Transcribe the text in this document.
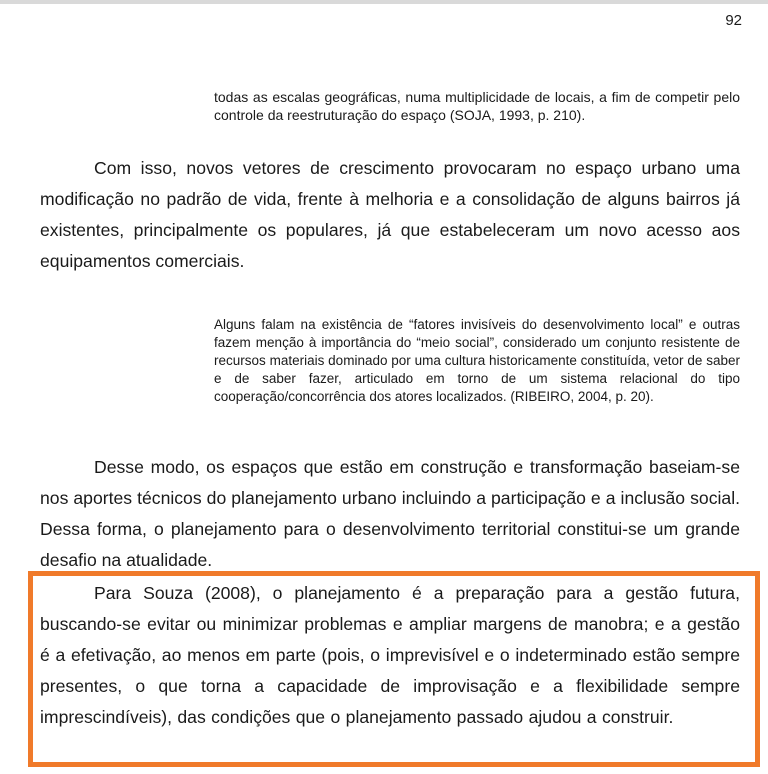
92
todas as escalas geográficas, numa multiplicidade de locais, a fim de competir pelo controle da reestruturação do espaço (SOJA, 1993, p. 210).

Com isso, novos vetores de crescimento provocaram no espaço urbano uma modificação no padrão de vida, frente à melhoria e a consolidação de alguns bairros já existentes, principalmente os populares, já que estabeleceram um novo acesso aos equipamentos comerciais.

Alguns falam na existência de “fatores invisíveis do desenvolvimento local” e outras fazem menção à importância do “meio social”, considerado um conjunto resistente de recursos materiais dominado por uma cultura historicamente constituída, vetor de saber e de saber fazer, articulado em torno de um sistema relacional do tipo cooperação/concorrência dos atores localizados. (RIBEIRO, 2004, p. 20).

Desse modo, os espaços que estão em construção e transformação baseiam-se nos aportes técnicos do planejamento urbano incluindo a participação e a inclusão social. Dessa forma, o planejamento para o desenvolvimento territorial constitui-se um grande desafio na atualidade.

Para Souza (2008), o planejamento é a preparação para a gestão futura, buscando-se evitar ou minimizar problemas e ampliar margens de manobra; e a gestão é a efetivação, ao menos em parte (pois, o imprevisível e o indeterminado estão sempre presentes, o que torna a capacidade de improvisação e a flexibilidade sempre imprescindíveis), das condições que o planejamento passado ajudou a construir.
